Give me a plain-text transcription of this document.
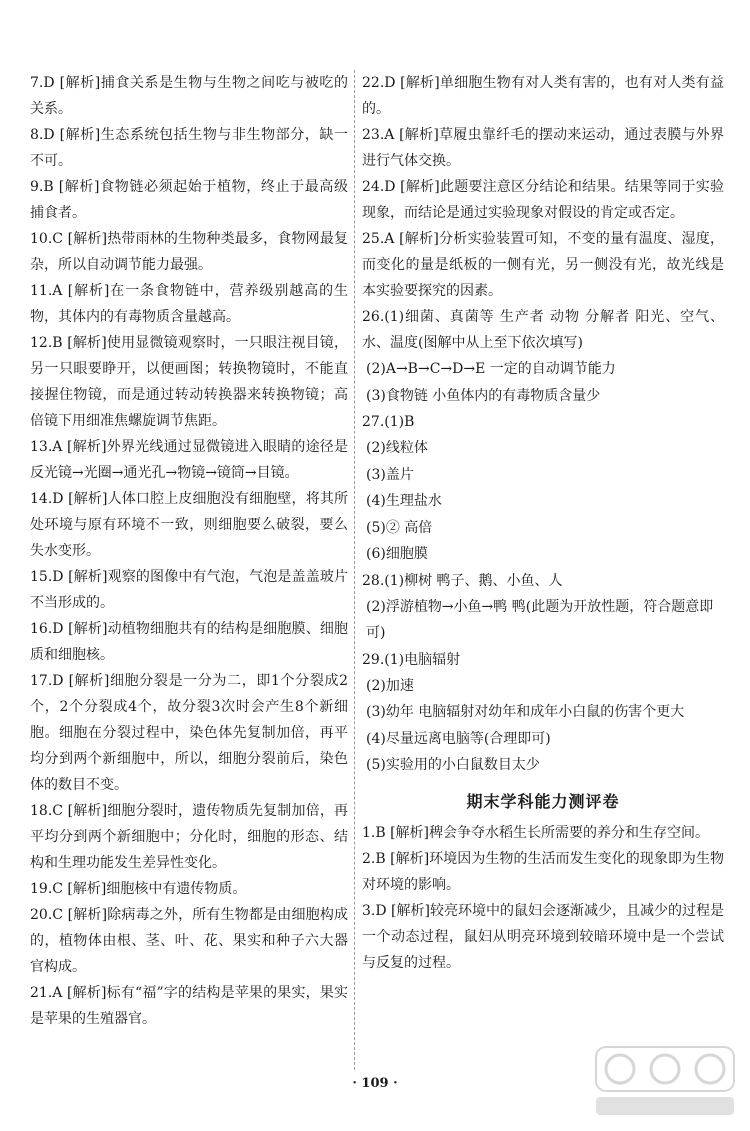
7.D [解析]捕食关系是生物与生物之间吃与被吃的关系。

8.D [解析]生态系统包括生物与非生物部分，缺一不可。

9.B [解析]食物链必须起始于植物，终止于最高级捕食者。

10.C [解析]热带雨林的生物种类最多，食物网最复杂，所以自动调节能力最强。

11.A [解析]在一条食物链中，营养级别越高的生物，其体内的有毒物质含量越高。

12.B [解析]使用显微镜观察时，一只眼注视目镜，另一只眼要睁开，以便画图；转换物镜时，不能直接握住物镜，而是通过转动转换器来转换物镜；高倍镜下用细准焦螺旋调节焦距。

13.A [解析]外界光线通过显微镜进入眼睛的途径是反光镜→光圈→通光孔→物镜→镜筒→目镜。

14.D [解析]人体口腔上皮细胞没有细胞壁，将其所处环境与原有环境不一致，则细胞要么破裂，要么失水变形。

15.D [解析]观察的图像中有气泡，气泡是盖盖玻片不当形成的。

16.D [解析]动植物细胞共有的结构是细胞膜、细胞质和细胞核。

17.D [解析]细胞分裂是一分为二，即1个分裂成2个，2个分裂成4个，故分裂3次时会产生8个新细胞。细胞在分裂过程中，染色体先复制加倍，再平均分到两个新细胞中，所以，细胞分裂前后，染色体的数目不变。

18.C [解析]细胞分裂时，遗传物质先复制加倍，再平均分到两个新细胞中；分化时，细胞的形态、结构和生理功能发生差异性变化。

19.C [解析]细胞核中有遗传物质。

20.C [解析]除病毒之外，所有生物都是由细胞构成的，植物体由根、茎、叶、花、果实和种子六大器官构成。

21.A [解析]标有“福”字的结构是苹果的果实，果实是苹果的生殖器官。

22.D [解析]单细胞生物有对人类有害的，也有对人类有益的。

23.A [解析]草履虫靠纤毛的摆动来运动，通过表膜与外界进行气体交换。

24.D [解析]此题要注意区分结论和结果。结果等同于实验现象，而结论是通过实验现象对假设的肯定或否定。

25.A [解析]分析实验装置可知，不变的量有温度、湿度，而变化的量是纸板的一侧有光，另一侧没有光，故光线是本实验要探究的因素。

26.(1)细菌、真菌等 生产者 动物 分解者 阳光、空气、水、温度(图解中从上至下依次填写)

(2)A→B→C→D→E 一定的自动调节能力

(3)食物链 小鱼体内的有毒物质含量少

27.(1)B

(2)线粒体

(3)盖片

(4)生理盐水

(5)② 高倍

(6)细胞膜

28.(1)柳树 鸭子、鹅、小鱼、人

(2)浮游植物→小鱼→鸭 鸭(此题为开放性题，符合题意即可)

29.(1)电脑辐射

(2)加速

(3)幼年 电脑辐射对幼年和成年小白鼠的伤害个更大

(4)尽量远离电脑等(合理即可)

(5)实验用的小白鼠数目太少

期末学科能力测评卷

1.B [解析]稗会争夺水稻生长所需要的养分和生存空间。

2.B [解析]环境因为生物的生活而发生变化的现象即为生物对环境的影响。

3.D [解析]较亮环境中的鼠妇会逐渐减少，且减少的过程是一个动态过程，鼠妇从明亮环境到较暗环境中是一个尝试与反复的过程。

· 109 ·
